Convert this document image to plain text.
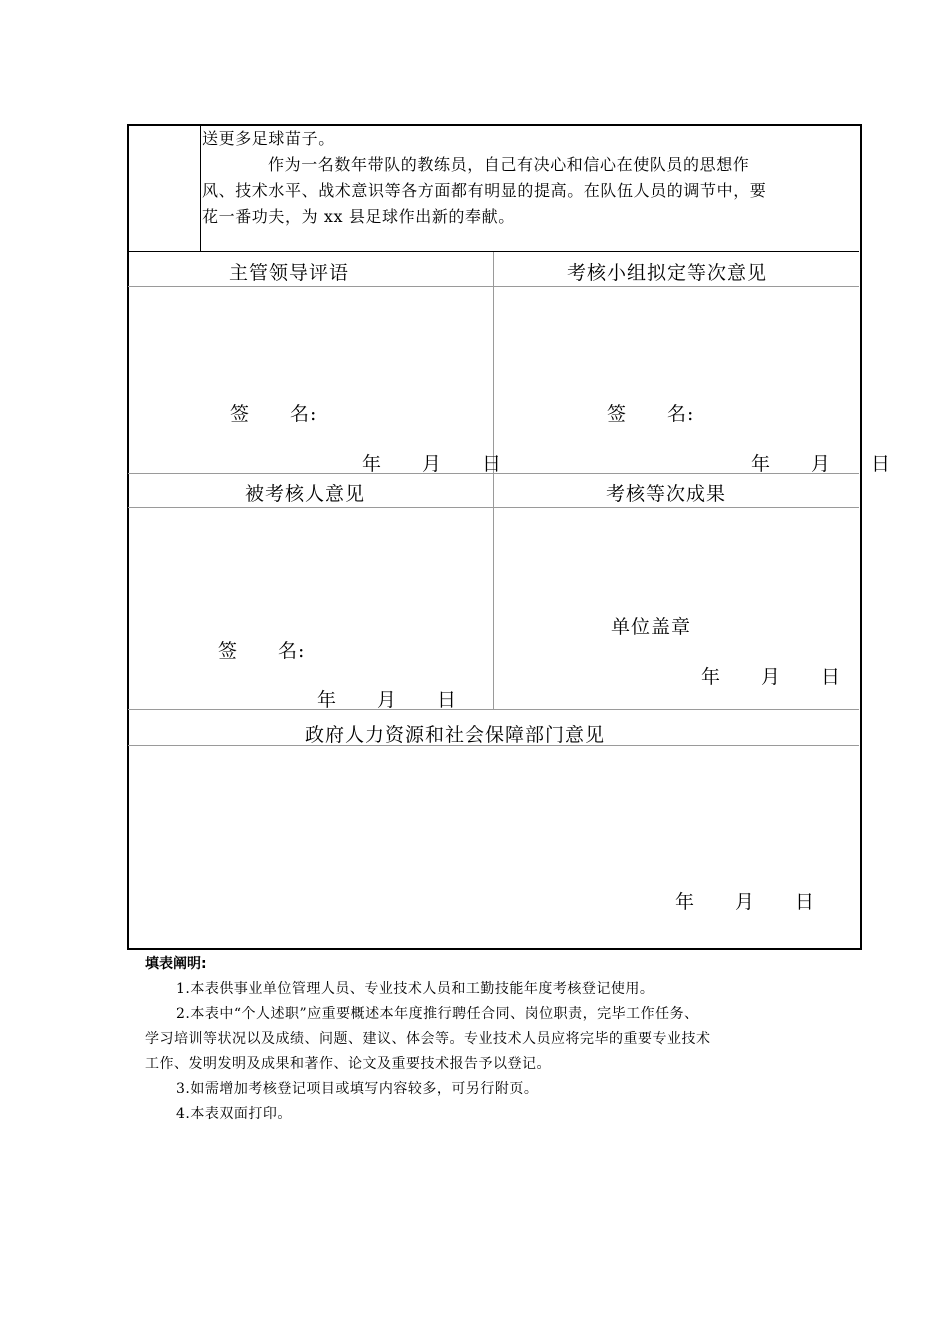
送更多足球苗子。
作为一名数年带队的教练员，自己有决心和信心在使队员的思想作
风、技术水平、战术意识等各方面都有明显的提高。在队伍人员的调节中，要
花一番功夫，为 xx 县足球作出新的奉献。
主管领导评语
签　　名:
年　　月　　日
考核小组拟定等次意见
签　　名:
年　　月　　日
被考核人意见
签　　名:
年　　月　　日
考核等次成果
单位盖章
年　　月　　日
政府人力资源和社会保障部门意见
年　　月　　日
填表阐明:
1.本表供事业单位管理人员、专业技术人员和工勤技能年度考核登记使用。
2.本表中“个人述职”应重要概述本年度推行聘任合同、岗位职责，完毕工作任务、
学习培训等状况以及成绩、问题、建议、体会等。专业技术人员应将完毕的重要专业技术
工作、发明发明及成果和著作、论文及重要技术报告予以登记。
3.如需增加考核登记项目或填写内容较多，可另行附页。
4.本表双面打印。
